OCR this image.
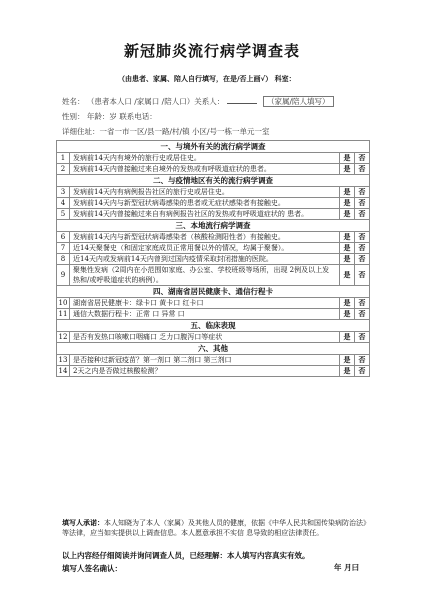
新冠肺炎流行病学调查表
（由患者、家属、陪人自行填写，在是/否上画√） 科室：
姓名： （患者本人口 /家属口 /陪人口）关系人：	（家属/陪人填写）
性别： 年龄：岁 联系电话：
详细住址：一省一市一区/县一路/村/镇 小区/号一栋一单元一室
一、与境外有关的流行病学调查			
1	发病前14天内有境外的旅行史或居住史。	是	否
2	发病前14天内曾接触过来自境外的发热或有呼吸道症状的患者。	是	否
二、与疫情地区有关的流行病学调查			
3	发病前14天内有病例报告社区的旅行史或居住史。	是	否
4	发病前14天内与新型冠状病毒感染的患者或无症状感染者有接触史。	是	否
5	发病前14天内曾接触过来自有病例报告社区的发热或有呼吸道症状的 患者。	是	否
三、本地流行病学调查			
6	发病前14天内与新型冠状病毒感染者（核酸检测阳性者）有接触史。	是	否
7	近14天聚餐史（和固定家庭成员正常用餐以外的情况，均属于聚餐）。	是	否
8	近14天内或发病前14天内曾到过国内疫情采取封闭措施的医院。	是	否
9	聚集性发病（2周内在小范围如家庭、办公室、学校班级等场所，出现 2例及以上发热和/或呼吸道症状的病例）。	是	否
四、湖南省居民健康卡、通信行程卡			
10	湖南省居民健康卡：绿卡口 黄卡口 红卡口	是	否
11	通信大数据行程卡：正常 口 异常 口	是	否
五、临床表现			
12	是否有发热口咳嗽口咽痛口 乏力口腹泻口等症状	是	否
六、其他			
13	是否接种过新冠疫苗？第一剂口 第二剂口 第三剂口	是	否
14	2天之内是否做过核酸检测？	是	否
填写人承诺：本人知晓为了本人（家属）及其他人员的健康，依据《中华人民共和国传染病防治法》等法律，应当如实提供以上调查信息。本人愿意承担不实信 息导致的相应法律责任。
以上内容经仔细阅读并询问调查人员，已经理解：本人填写内容真实有效。
填写人签名确认：	年 月曰
